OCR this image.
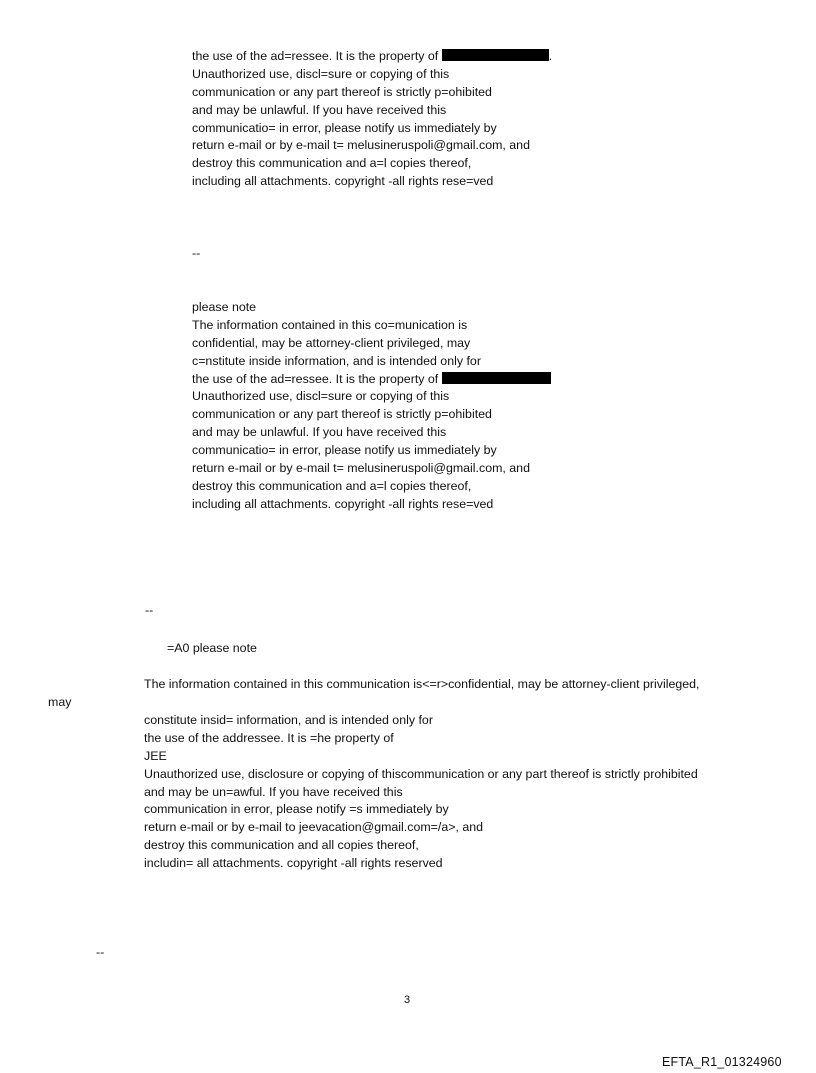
the use of the ad=ressee. It is the property of	.
Unauthorized use, discl=sure or copying of this
communication or any part thereof is strictly p=ohibited
and may be unlawful. If you have received this
communicatio= in error, please notify us immediately by
return e-mail or by e-mail t= melusineruspoli@gmail.com, and
destroy this communication and a=l copies thereof,
including all attachments. copyright -all rights rese=ved
--
please note
The information contained in this co=munication is
confidential, may be attorney-client privileged, may
c=nstitute inside information, and is intended only for
the use of the ad=ressee. It is the property of
Unauthorized use, discl=sure or copying of this
communication or any part thereof is strictly p=ohibited
and may be unlawful. If you have received this
communicatio= in error, please notify us immediately by
return e-mail or by e-mail t= melusineruspoli@gmail.com, and
destroy this communication and a=l copies thereof,
including all attachments. copyright -all rights rese=ved
--
=A0 please note
The information contained in this communication is<=r>confidential, may be attorney-client privileged,
may
constitute insid= information, and is intended only for
the use of the addressee. It is =he property of
JEE
Unauthorized use, disclosure or copying of thiscommunication or any part thereof is strictly prohibited
and may be un=awful. If you have received this
communication in error, please notify =s immediately by
return e-mail or by e-mail to jeevacation@gmail.com=/a>, and
destroy this communication and all copies thereof,
includin= all attachments. copyright -all rights reserved
--
3
EFTA_R1_01324960
